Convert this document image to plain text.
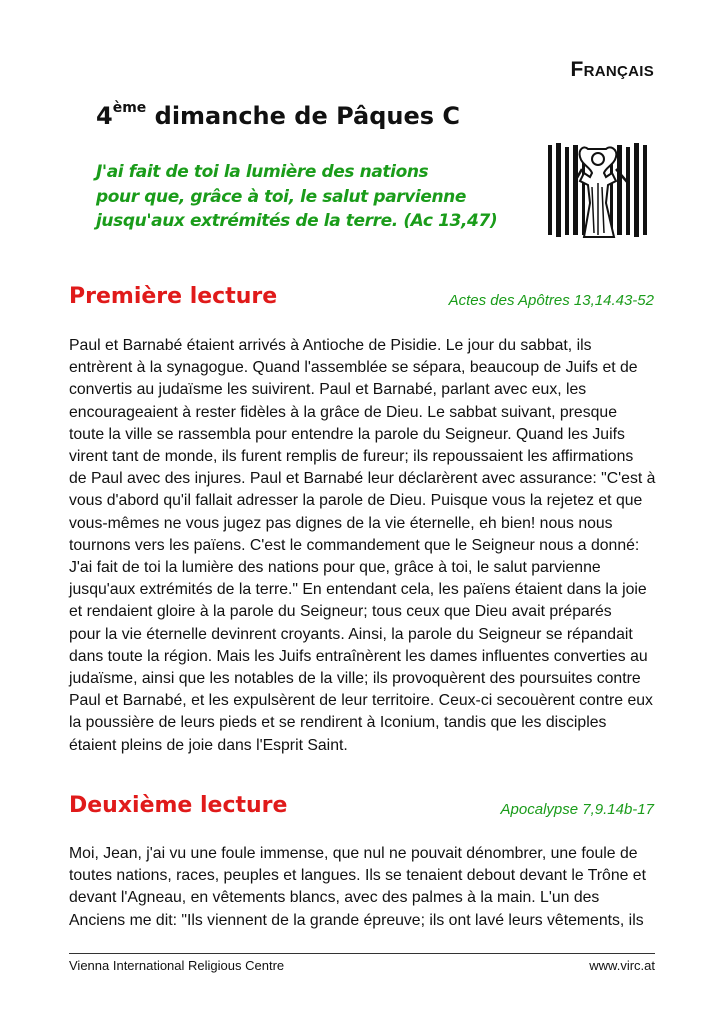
Français
4ème dimanche de Pâques C
J'ai fait de toi la lumière des nations
pour que, grâce à toi, le salut parvienne
jusqu'aux extrémités de la terre. (Ac 13,47)
Première lecture	Actes des Apôtres 13,14.43-52
Paul et Barnabé étaient arrivés à Antioche de Pisidie. Le jour du sabbat, ils
entrèrent à la synagogue. Quand l'assemblée se sépara, beaucoup de Juifs et de
convertis au judaïsme les suivirent. Paul et Barnabé, parlant avec eux, les
encourageaient à rester fidèles à la grâce de Dieu. Le sabbat suivant, presque
toute la ville se rassembla pour entendre la parole du Seigneur. Quand les Juifs
virent tant de monde, ils furent remplis de fureur; ils repoussaient les affirmations
de Paul avec des injures. Paul et Barnabé leur déclarèrent avec assurance: "C'est à
vous d'abord qu'il fallait adresser la parole de Dieu. Puisque vous la rejetez et que
vous-mêmes ne vous jugez pas dignes de la vie éternelle, eh bien! nous nous
tournons vers les païens. C'est le commandement que le Seigneur nous a donné:
J'ai fait de toi la lumière des nations pour que, grâce à toi, le salut parvienne
jusqu'aux extrémités de la terre." En entendant cela, les païens étaient dans la joie
et rendaient gloire à la parole du Seigneur; tous ceux que Dieu avait préparés
pour la vie éternelle devinrent croyants. Ainsi, la parole du Seigneur se répandait
dans toute la région. Mais les Juifs entraînèrent les dames influentes converties au
judaïsme, ainsi que les notables de la ville; ils provoquèrent des poursuites contre
Paul et Barnabé, et les expulsèrent de leur territoire. Ceux-ci secouèrent contre eux
la poussière de leurs pieds et se rendirent à Iconium, tandis que les disciples
étaient pleins de joie dans l'Esprit Saint.
Deuxième lecture	Apocalypse 7,9.14b-17
Moi, Jean, j'ai vu une foule immense, que nul ne pouvait dénombrer, une foule de
toutes nations, races, peuples et langues. Ils se tenaient debout devant le Trône et
devant l'Agneau, en vêtements blancs, avec des palmes à la main. L'un des
Anciens me dit: "Ils viennent de la grande épreuve; ils ont lavé leurs vêtements, ils
Vienna International Religious Centre	www.virc.at
